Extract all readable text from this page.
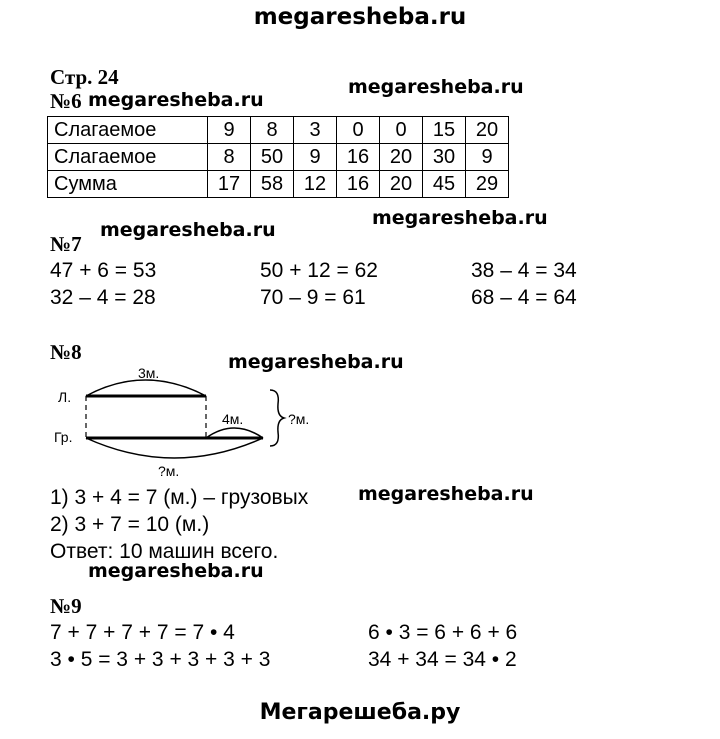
megaresheba.ru
Стр. 24
№6 megaresheba.ru
megaresheba.ru
Слагаемое	9	8	3	0	0	15	20
Слагаемое	8	50	9	16	20	30	9
Сумма	17	58	12	16	20	45	29
megaresheba.ru
№7
megaresheba.ru
47 + 6 = 53	50 + 12 = 62	38 – 4 = 34
32 – 4 = 28	70 – 9 = 61	68 – 4 = 64
№8	megaresheba.ru
3м.
Л.
Гр.
4м.	?м.
?м.
1) 3 + 4 = 7 (м.) – грузовых	megaresheba.ru
2) 3 + 7 = 10 (м.)
Ответ: 10 машин всего.
megaresheba.ru
№9
7 + 7 + 7 + 7 = 7 • 4	6 • 3 = 6 + 6 + 6
3 • 5 = 3 + 3 + 3 + 3 + 3	34 + 34 = 34 • 2
Мегарешеба.ру
